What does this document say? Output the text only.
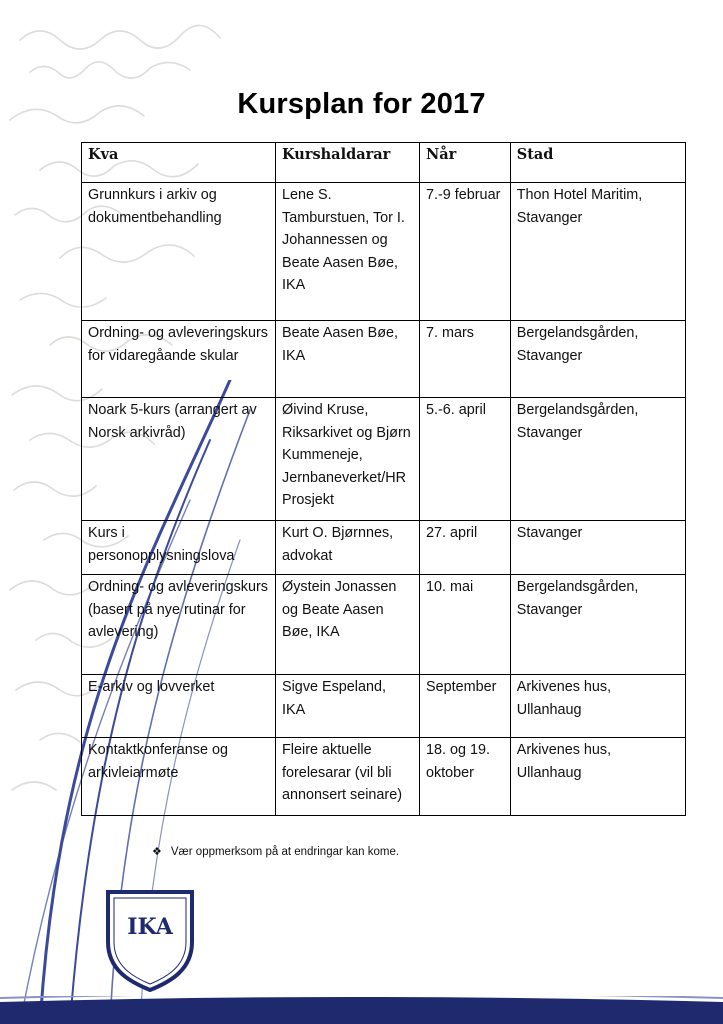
Kursplan for 2017
Kva	Kurshaldarar	Når	Stad
Grunnkurs i arkiv og dokumentbehandling	Lene S. Tamburstuen, Tor I. Johannessen og Beate Aasen Bøe, IKA	7.-9 februar	Thon Hotel Maritim, Stavanger
Ordning- og avleveringskurs for vidaregåande skular	Beate Aasen Bøe, IKA	7. mars	Bergelandsgården, Stavanger
Noark 5-kurs (arrangert av Norsk arkivråd)	Øivind Kruse, Riksarkivet og Bjørn Kummeneje, Jernbaneverket/HR Prosjekt	5.-6. april	Bergelandsgården, Stavanger
Kurs i personopplysningslova	Kurt O. Bjørnnes, advokat	27. april	Stavanger
Ordning- og avleveringskurs (basert på nye rutinar for avlevering)	Øystein Jonassen og Beate Aasen Bøe, IKA	10. mai	Bergelandsgården, Stavanger
E-arkiv og lovverket	Sigve Espeland, IKA	September	Arkivenes hus, Ullanhaug
Kontaktkonferanse og arkivleiarmøte	Fleire aktuelle forelesarar (vil bli annonsert seinare)	18. og 19. oktober	Arkivenes hus, Ullanhaug
❖ Vær oppmerksom på at endringar kan kome.
IKA
